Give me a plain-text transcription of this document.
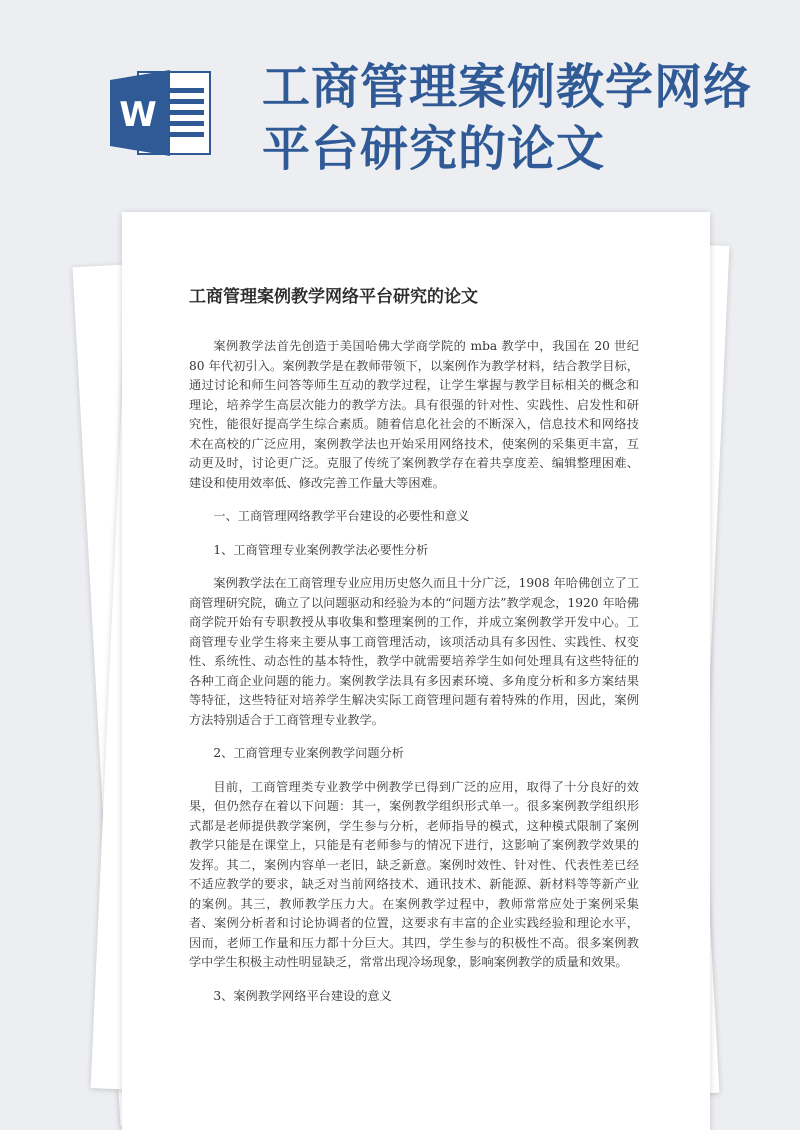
W 工商管理案例教学网络平台研究的论文
工商管理案例教学网络平台研究的论文

案例教学法首先创造于美国哈佛大学商学院的 mba 教学中，我国在 20 世纪 80 年代初引入。案例教学是在教师带领下，以案例作为教学材料，结合教学目标，通过讨论和师生问答等师生互动的教学过程，让学生掌握与教学目标相关的概念和理论，培养学生高层次能力的教学方法。具有很强的针对性、实践性、启发性和研究性，能很好提高学生综合素质。随着信息化社会的不断深入，信息技术和网络技术在高校的广泛应用，案例教学法也开始采用网络技术，使案例的采集更丰富，互动更及时，讨论更广泛。克服了传统了案例教学存在着共享度差、编辑整理困难、建设和使用效率低、修改完善工作量大等困难。

一、工商管理网络教学平台建设的必要性和意义

1、工商管理专业案例教学法必要性分析

案例教学法在工商管理专业应用历史悠久而且十分广泛，1908 年哈佛创立了工商管理研究院，确立了以问题驱动和经验为本的“问题方法”教学观念，1920 年哈佛商学院开始有专职教授从事收集和整理案例的工作，并成立案例教学开发中心。工商管理专业学生将来主要从事工商管理活动，该项活动具有多因性、实践性、权变性、系统性、动态性的基本特性，教学中就需要培养学生如何处理具有这些特征的各种工商企业问题的能力。案例教学法具有多因素环境、多角度分析和多方案结果等特征，这些特征对培养学生解决实际工商管理问题有着特殊的作用，因此，案例方法特别适合于工商管理专业教学。

2、工商管理专业案例教学问题分析

目前，工商管理类专业教学中例教学已得到广泛的应用，取得了十分良好的效果，但仍然存在着以下问题：其一，案例教学组织形式单一。很多案例教学组织形式都是老师提供教学案例，学生参与分析，老师指导的模式，这种模式限制了案例教学只能是在课堂上，只能是有老师参与的情况下进行，这影响了案例教学效果的发挥。其二，案例内容单一老旧，缺乏新意。案例时效性、针对性、代表性差已经不适应教学的要求，缺乏对当前网络技术、通讯技术、新能源、新材料等等新产业的案例。其三，教师教学压力大。在案例教学过程中，教师常常应处于案例采集者、案例分析者和讨论协调者的位置，这要求有丰富的企业实践经验和理论水平，因而，老师工作量和压力都十分巨大。其四，学生参与的积极性不高。很多案例教学中学生积极主动性明显缺乏，常常出现冷场现象，影响案例教学的质量和效果。

3、案例教学网络平台建设的意义
